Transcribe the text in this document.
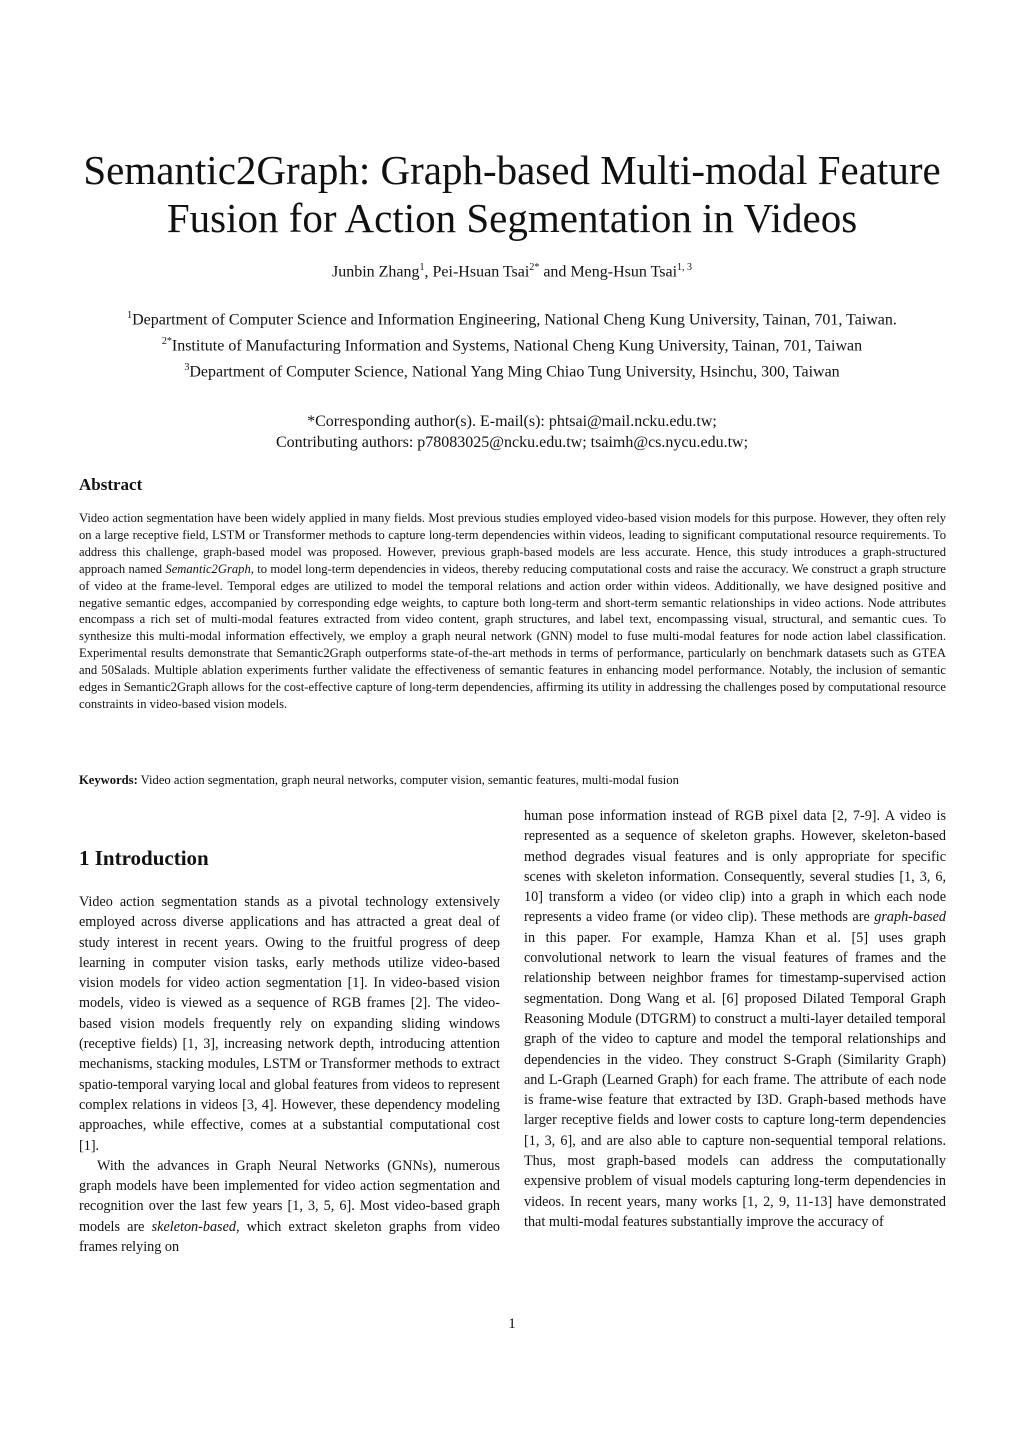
Semantic2Graph: Graph-based Multi-modal Feature
Fusion for Action Segmentation in Videos
Junbin Zhang$^1$, Pei-Hsuan Tsai$^{2*}$ and Meng-Hsun Tsai$^{1, 3}$
$^1$Department of Computer Science and Information Engineering, National Cheng Kung University, Tainan, 701, Taiwan.
$^{2*}$Institute of Manufacturing Information and Systems, National Cheng Kung University, Tainan, 701, Taiwan
$^3$Department of Computer Science, National Yang Ming Chiao Tung University, Hsinchu, 300, Taiwan
*Corresponding author(s). E-mail(s): phtsai@mail.ncku.edu.tw;
Contributing authors: p78083025@ncku.edu.tw; tsaimh@cs.nycu.edu.tw;
Abstract
Video action segmentation have been widely applied in many fields. Most previous studies employed video-based vision models for this purpose. However, they often rely on a large receptive field, LSTM or Transformer methods to capture long-term dependencies within videos, leading to significant computational resource requirements. To address this challenge, graph-based model was proposed. However, previous graph-based models are less accurate. Hence, this study introduces a graph-structured approach named Semantic2Graph, to model long-term dependencies in videos, thereby reducing computational costs and raise the accuracy. We construct a graph structure of video at the frame-level. Temporal edges are utilized to model the temporal relations and action order within videos. Additionally, we have designed positive and negative semantic edges, accompanied by corresponding edge weights, to capture both long-term and short-term semantic relationships in video actions. Node attributes encompass a rich set of multi-modal features extracted from video content, graph structures, and label text, encompassing visual, structural, and semantic cues. To synthesize this multi-modal information effectively, we employ a graph neural network (GNN) model to fuse multi-modal features for node action label classification. Experimental results demonstrate that Semantic2Graph outperforms state-of-the-art methods in terms of performance, particularly on benchmark datasets such as GTEA and 50Salads. Multiple ablation experiments further validate the effectiveness of semantic features in enhancing model performance. Notably, the inclusion of semantic edges in Semantic2Graph allows for the cost-effective capture of long-term dependencies, affirming its utility in addressing the challenges posed by computational resource constraints in video-based vision models.
Keywords: Video action segmentation, graph neural networks, computer vision, semantic features, multi-modal fusion
1 Introduction

Video action segmentation stands as a pivotal technology extensively employed across diverse applications and has attracted a great deal of study interest in recent years. Owing to the fruitful progress of deep learning in computer vision tasks, early methods utilize video-based vision models for video action segmentation [1]. In video-based vision models, video is viewed as a sequence of RGB frames [2]. The video-based vision models frequently rely on expanding sliding windows (receptive fields) [1, 3], increasing network depth, introducing attention mechanisms, stacking modules, LSTM or Transformer methods to extract spatio-temporal varying local and global features from videos to represent complex relations in videos [3, 4]. However, these dependency modeling approaches, while effective, comes at a substantial computational cost [1].

With the advances in Graph Neural Networks (GNNs), numerous graph models have been implemented for video action segmentation and recognition over the last few years [1, 3, 5, 6]. Most video-based graph models are skeleton-based, which extract skeleton graphs from video frames relying on

human pose information instead of RGB pixel data [2, 7-9]. A video is represented as a sequence of skeleton graphs. However, skeleton-based method degrades visual features and is only appropriate for specific scenes with skeleton information. Consequently, several studies [1, 3, 6, 10] transform a video (or video clip) into a graph in which each node represents a video frame (or video clip). These methods are graph-based in this paper. For example, Hamza Khan et al. [5] uses graph convolutional network to learn the visual features of frames and the relationship between neighbor frames for timestamp-supervised action segmentation. Dong Wang et al. [6] proposed Dilated Temporal Graph Reasoning Module (DTGRM) to construct a multi-layer detailed temporal graph of the video to capture and model the temporal relationships and dependencies in the video. They construct S-Graph (Similarity Graph) and L-Graph (Learned Graph) for each frame. The attribute of each node is frame-wise feature that extracted by I3D. Graph-based methods have larger receptive fields and lower costs to capture long-term dependencies [1, 3, 6], and are also able to capture non-sequential temporal relations. Thus, most graph-based models can address the computationally expensive problem of visual models capturing long-term dependencies in videos. In recent years, many works [1, 2, 9, 11-13] have demonstrated that multi-modal features substantially improve the accuracy of

1
